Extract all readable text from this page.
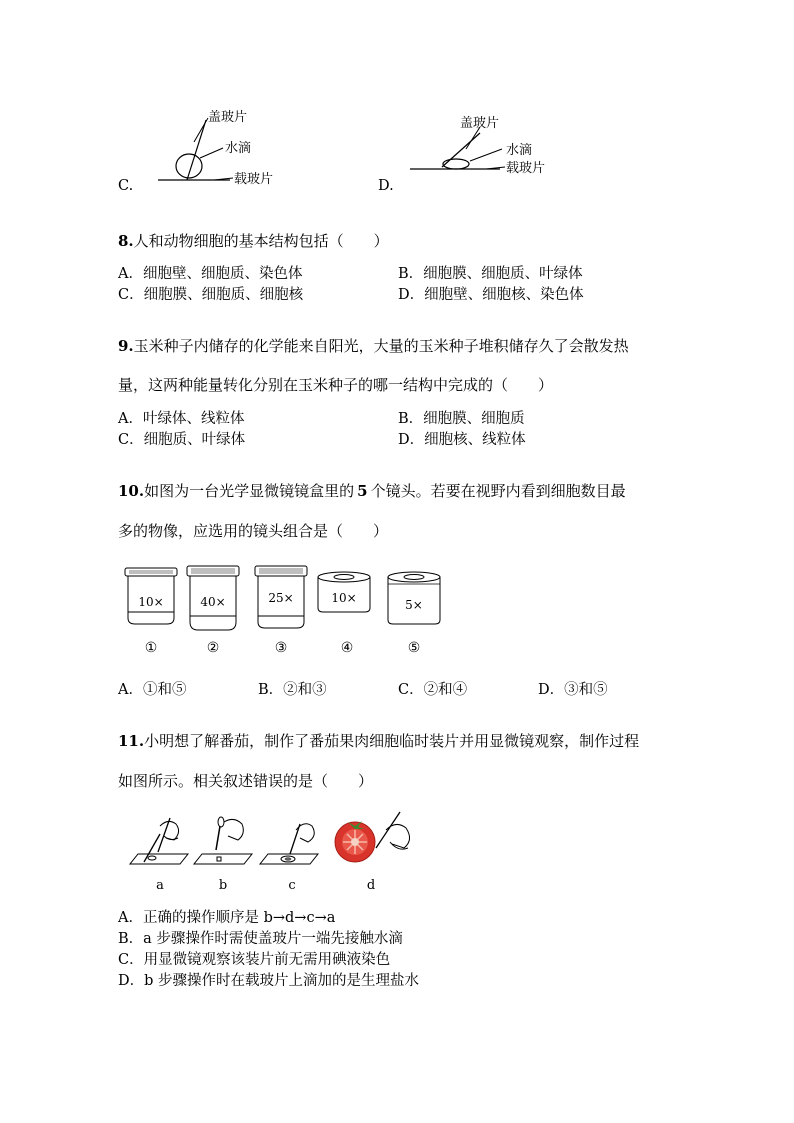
盖玻片
水滴
载玻片
C.
盖玻片
水滴
载玻片
D.
8.人和动物细胞的基本结构包括（　　）
A．细胞壁、细胞质、染色体	B．细胞膜、细胞质、叶绿体
C．细胞膜、细胞质、细胞核	D．细胞壁、细胞核、染色体
9.玉米种子内储存的化学能来自阳光，大量的玉米种子堆积储存久了会散发热
量，这两种能量转化分别在玉米种子的哪一结构中完成的（　　）
A．叶绿体、线粒体	B．细胞膜、细胞质
C．细胞质、叶绿体	D．细胞核、线粒体
10.如图为一台光学显微镜镜盒里的 5 个镜头。若要在视野内看到细胞数目最
多的物像，应选用的镜头组合是（　　）
10×
①
40×
②
25×
③
10×
④
5×
⑤
A．①和⑤	B．②和③	C．②和④	D．③和⑤
11.小明想了解番茄，制作了番茄果肉细胞临时装片并用显微镜观察，制作过程
如图所示。相关叙述错误的是（　　）
a	b	c	d
A．正确的操作顺序是 b→d→c→a
B．a 步骤操作时需使盖玻片一端先接触水滴
C．用显微镜观察该装片前无需用碘液染色
D．b 步骤操作时在载玻片上滴加的是生理盐水
